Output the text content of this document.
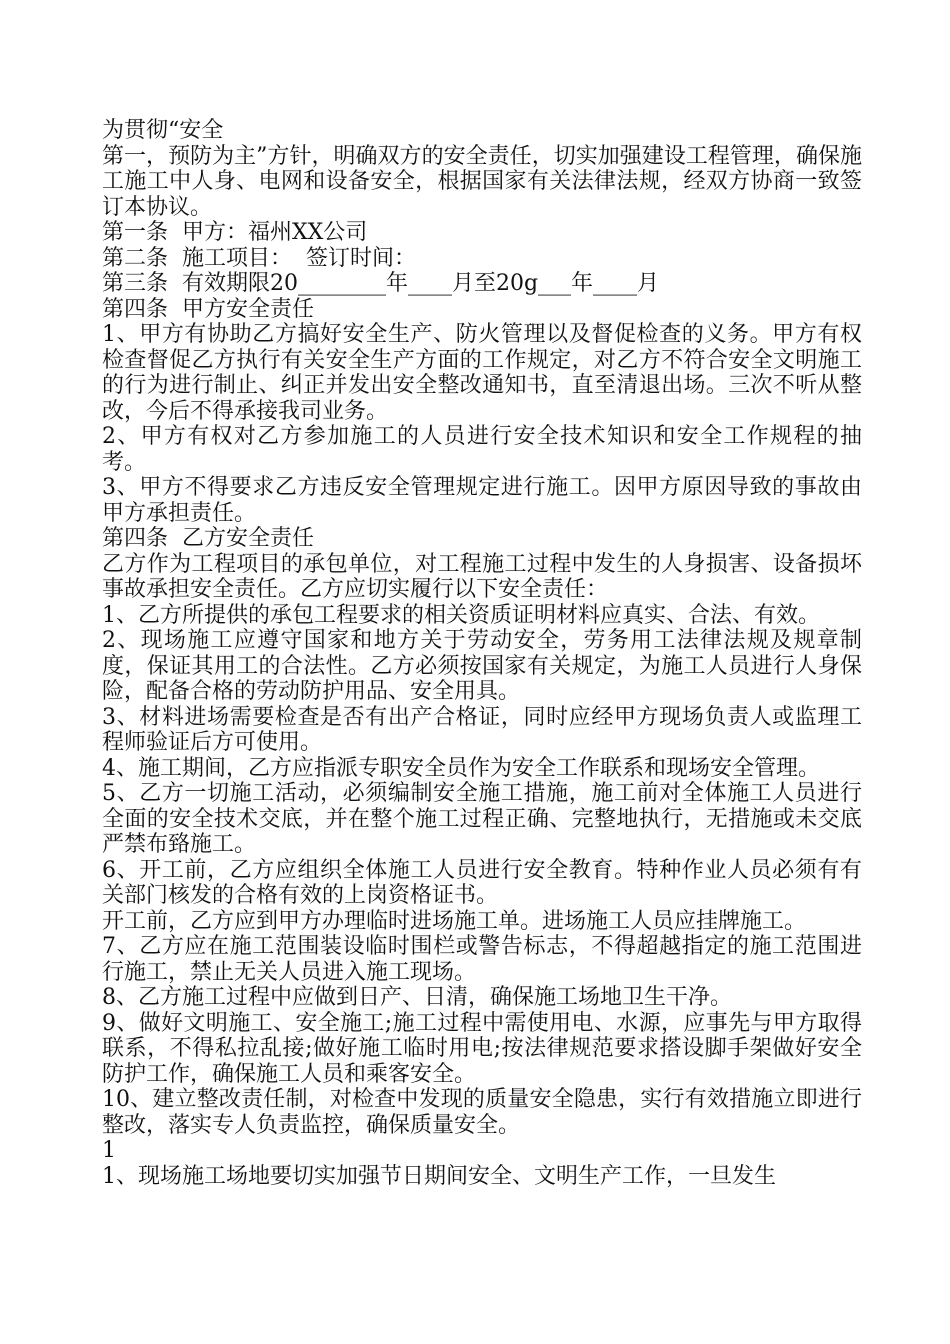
为贯彻“安全

第一，预防为主”方针，明确双方的安全责任，切实加强建设工程管理，确保施工施工中人身、电网和设备安全，根据国家有关法律法规，经双方协商一致签订本协议。

第一条  甲方：福州XX公司

第二条  施工项目：  签订时间：

第三条  有效期限20________年____月至20g___年____月

第四条  甲方安全责任

1、甲方有协助乙方搞好安全生产、防火管理以及督促检查的义务。甲方有权检查督促乙方执行有关安全生产方面的工作规定，对乙方不符合安全文明施工的行为进行制止、纠正并发出安全整改通知书，直至清退出场。三次不听从整改，今后不得承接我司业务。

2、甲方有权对乙方参加施工的人员进行安全技术知识和安全工作规程的抽考。

3、甲方不得要求乙方违反安全管理规定进行施工。因甲方原因导致的事故由甲方承担责任。

第四条  乙方安全责任

乙方作为工程项目的承包单位，对工程施工过程中发生的人身损害、设备损坏事故承担安全责任。乙方应切实履行以下安全责任：

1、乙方所提供的承包工程要求的相关资质证明材料应真实、合法、有效。

2、现场施工应遵守国家和地方关于劳动安全，劳务用工法律法规及规章制度，保证其用工的合法性。乙方必须按国家有关规定，为施工人员进行人身保险，配备合格的劳动防护用品、安全用具。

3、材料进场需要检查是否有出产合格证，同时应经甲方现场负责人或监理工程师验证后方可使用。

4、施工期间，乙方应指派专职安全员作为安全工作联系和现场安全管理。

5、乙方一切施工活动，必须编制安全施工措施，施工前对全体施工人员进行全面的安全技术交底，并在整个施工过程正确、完整地执行，无措施或未交底严禁布臵施工。

6、开工前，乙方应组织全体施工人员进行安全教育。特种作业人员必须有有关部门核发的合格有效的上岗资格证书。

开工前，乙方应到甲方办理临时进场施工单。进场施工人员应挂牌施工。

7、乙方应在施工范围装设临时围栏或警告标志，不得超越指定的施工范围进行施工，禁止无关人员进入施工现场。

8、乙方施工过程中应做到日产、日清，确保施工场地卫生干净。

9、做好文明施工、安全施工;施工过程中需使用电、水源，应事先与甲方取得联系，不得私拉乱接;做好施工临时用电;按法律规范要求搭设脚手架做好安全防护工作，确保施工人员和乘客安全。

10、建立整改责任制，对检查中发现的质量安全隐患，实行有效措施立即进行整改，落实专人负责监控，确保质量安全。

1

1、现场施工场地要切实加强节日期间安全、文明生产工作，一旦发生
